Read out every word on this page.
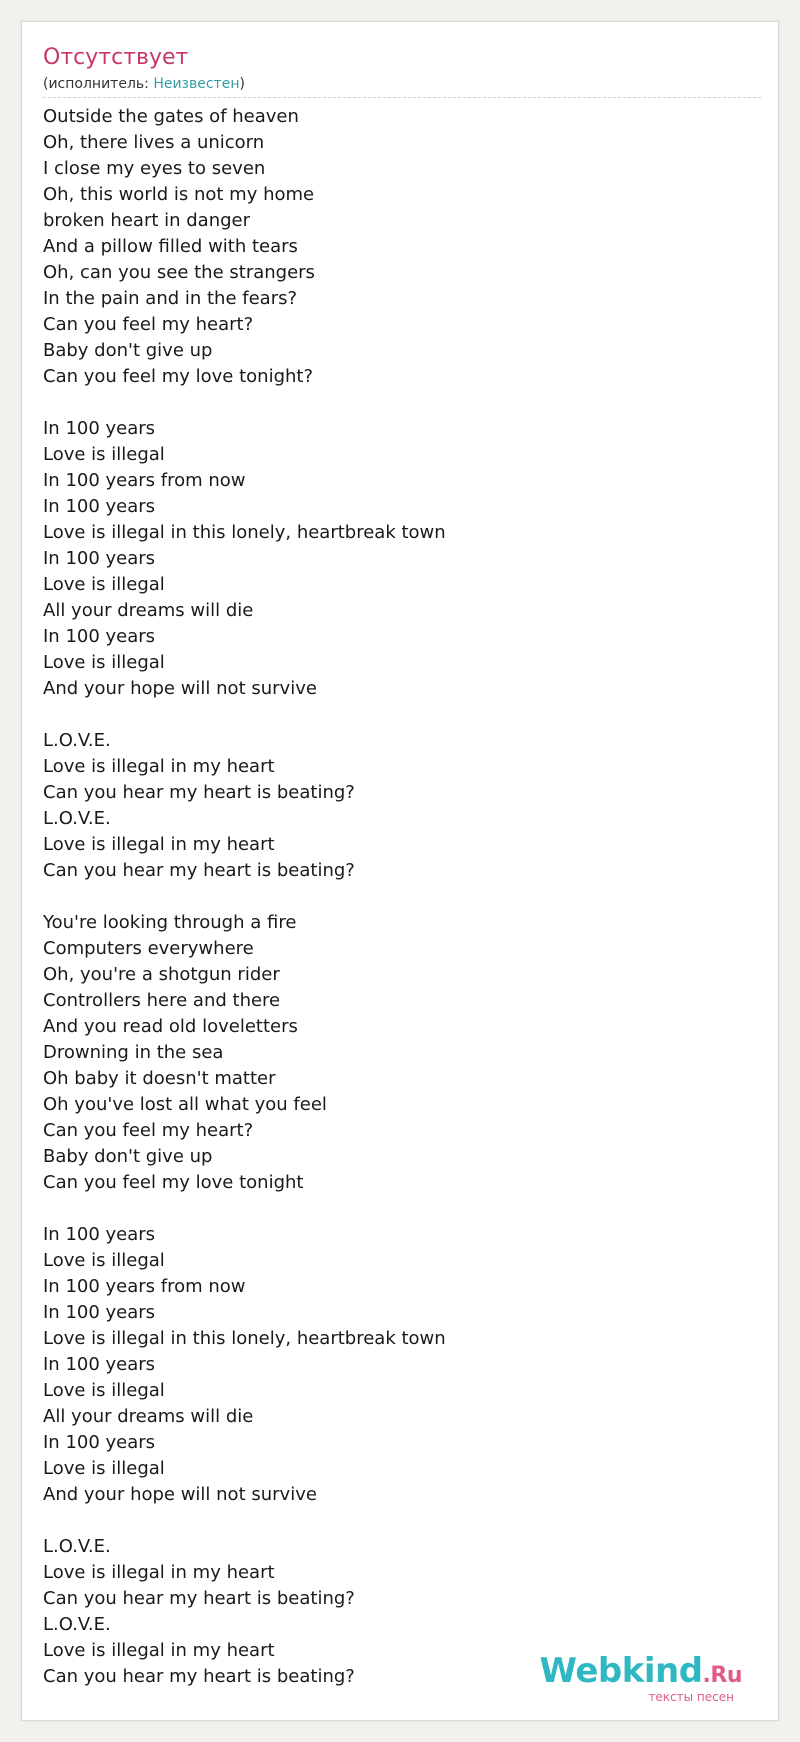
Отсутствует
(исполнитель: Неизвестен)
Outside the gates of heaven
Oh, there lives a unicorn
I close my eyes to seven
Oh, this world is not my home
broken heart in danger
And a pillow filled with tears
Oh, can you see the strangers
In the pain and in the fears?
Can you feel my heart?
Baby don't give up
Can you feel my love tonight?
In 100 years
Love is illegal
In 100 years from now
In 100 years
Love is illegal in this lonely, heartbreak town
In 100 years
Love is illegal
All your dreams will die
In 100 years
Love is illegal
And your hope will not survive
L.O.V.E.
Love is illegal in my heart
Can you hear my heart is beating?
L.O.V.E.
Love is illegal in my heart
Can you hear my heart is beating?
You're looking through a fire
Computers everywhere
Oh, you're a shotgun rider
Controllers here and there
And you read old loveletters
Drowning in the sea
Oh baby it doesn't matter
Oh you've lost all what you feel
Can you feel my heart?
Baby don't give up
Can you feel my love tonight
In 100 years
Love is illegal
In 100 years from now
In 100 years
Love is illegal in this lonely, heartbreak town
In 100 years
Love is illegal
All your dreams will die
In 100 years
Love is illegal
And your hope will not survive
L.O.V.E.
Love is illegal in my heart
Can you hear my heart is beating?
L.O.V.E.
Love is illegal in my heart
Can you hear my heart is beating?	Webkind.Ru
тексты песен
